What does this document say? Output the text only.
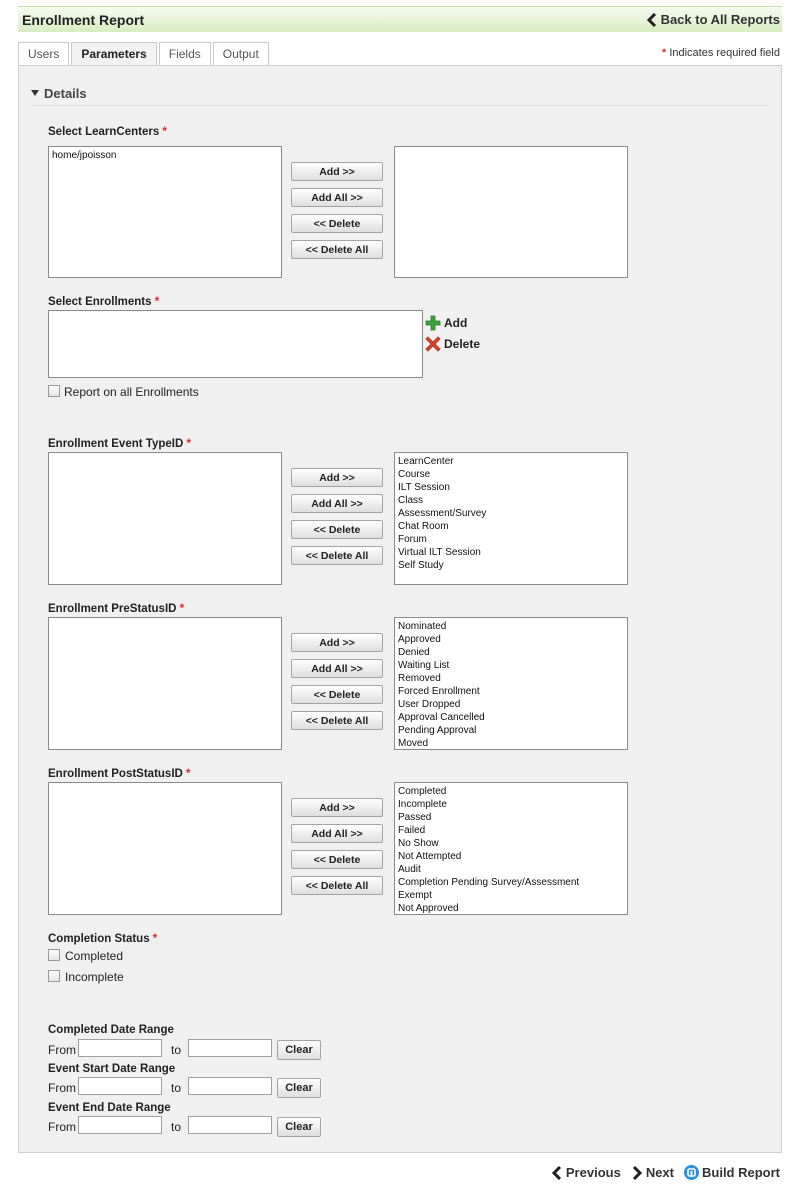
Enrollment Report	Back to All Reports
Users	Parameters	Fields	Output	* Indicates required field
Details
Select LearnCenters *
home/jpoisson
Add >>
Add All >>
<< Delete
<< Delete All
Select Enrollments *
Add
Delete
Report on all Enrollments
Enrollment Event TypeID *
Add >>
Add All >>
<< Delete
<< Delete All
LearnCenter
Course
ILT Session
Class
Assessment/Survey
Chat Room
Forum
Virtual ILT Session
Self Study
Enrollment PreStatusID *
Add >>
Add All >>
<< Delete
<< Delete All
Nominated
Approved
Denied
Waiting List
Removed
Forced Enrollment
User Dropped
Approval Cancelled
Pending Approval
Moved
Enrollment PostStatusID *
Add >>
Add All >>
<< Delete
<< Delete All
Completed
Incomplete
Passed
Failed
No Show
Not Attempted
Audit
Completion Pending Survey/Assessment
Exempt
Not Approved
Completion Status *
Completed
Incomplete
Completed Date Range
From	to	Clear
Event Start Date Range
From	to	Clear
Event End Date Range
From	to	Clear
Previous Next Build Report
